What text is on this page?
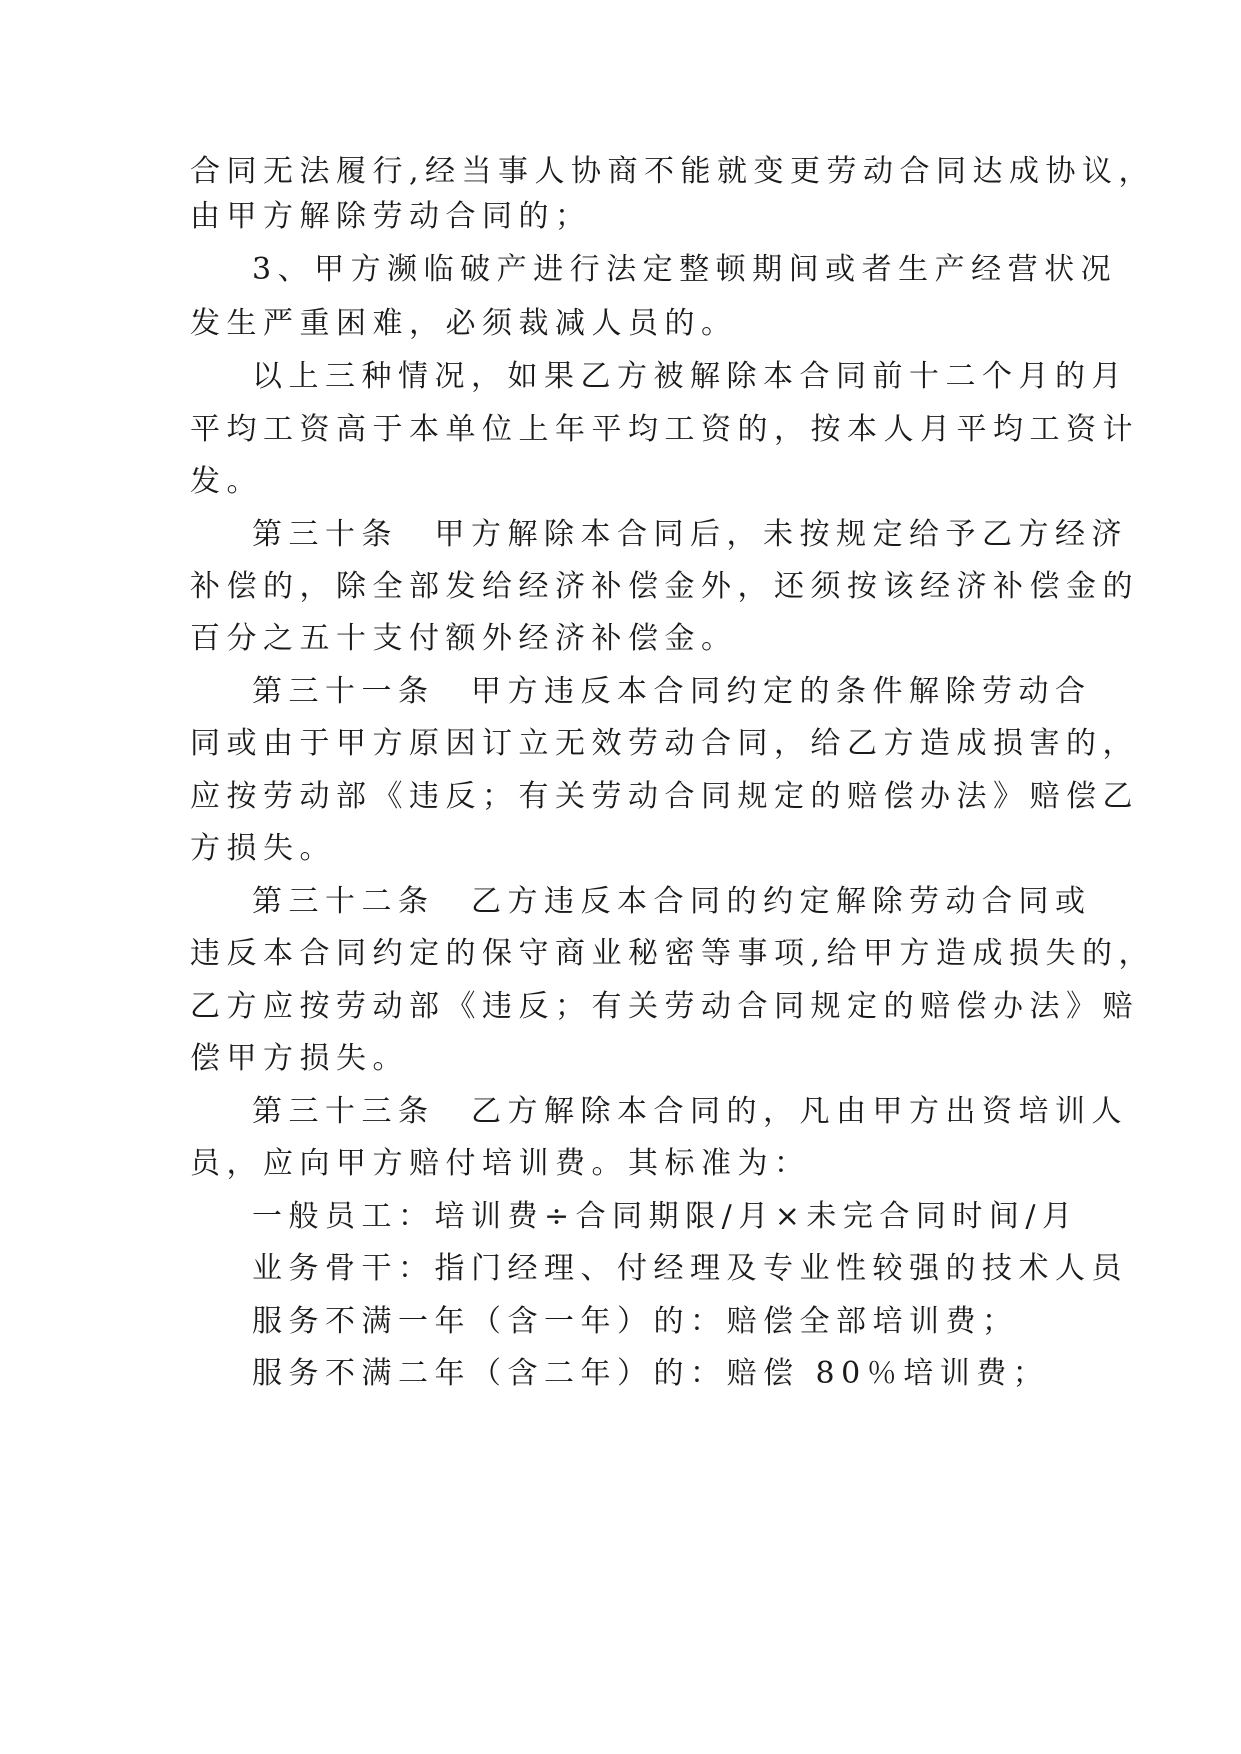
合同无法履行,经当事人协商不能就变更劳动合同达成协议，
由甲方解除劳动合同的；
3、甲方濒临破产进行法定整顿期间或者生产经营状况
发生严重困难，必须裁减人员的。
以上三种情况，如果乙方被解除本合同前十二个月的月
平均工资高于本单位上年平均工资的，按本人月平均工资计
发。
第三十条　甲方解除本合同后，未按规定给予乙方经济
补偿的，除全部发给经济补偿金外，还须按该经济补偿金的
百分之五十支付额外经济补偿金。
第三十一条　甲方违反本合同约定的条件解除劳动合
同或由于甲方原因订立无效劳动合同，给乙方造成损害的，
应按劳动部《违反；有关劳动合同规定的赔偿办法》赔偿乙
方损失。
第三十二条　乙方违反本合同的约定解除劳动合同或
违反本合同约定的保守商业秘密等事项,给甲方造成损失的，
乙方应按劳动部《违反；有关劳动合同规定的赔偿办法》赔
偿甲方损失。
第三十三条　乙方解除本合同的，凡由甲方出资培训人
员，应向甲方赔付培训费。其标准为：
一般员工：培训费÷合同期限/月×未完合同时间/月
业务骨干：指门经理、付经理及专业性较强的技术人员
服务不满一年（含一年）的：赔偿全部培训费；
服务不满二年（含二年）的：赔偿 80％培训费；
